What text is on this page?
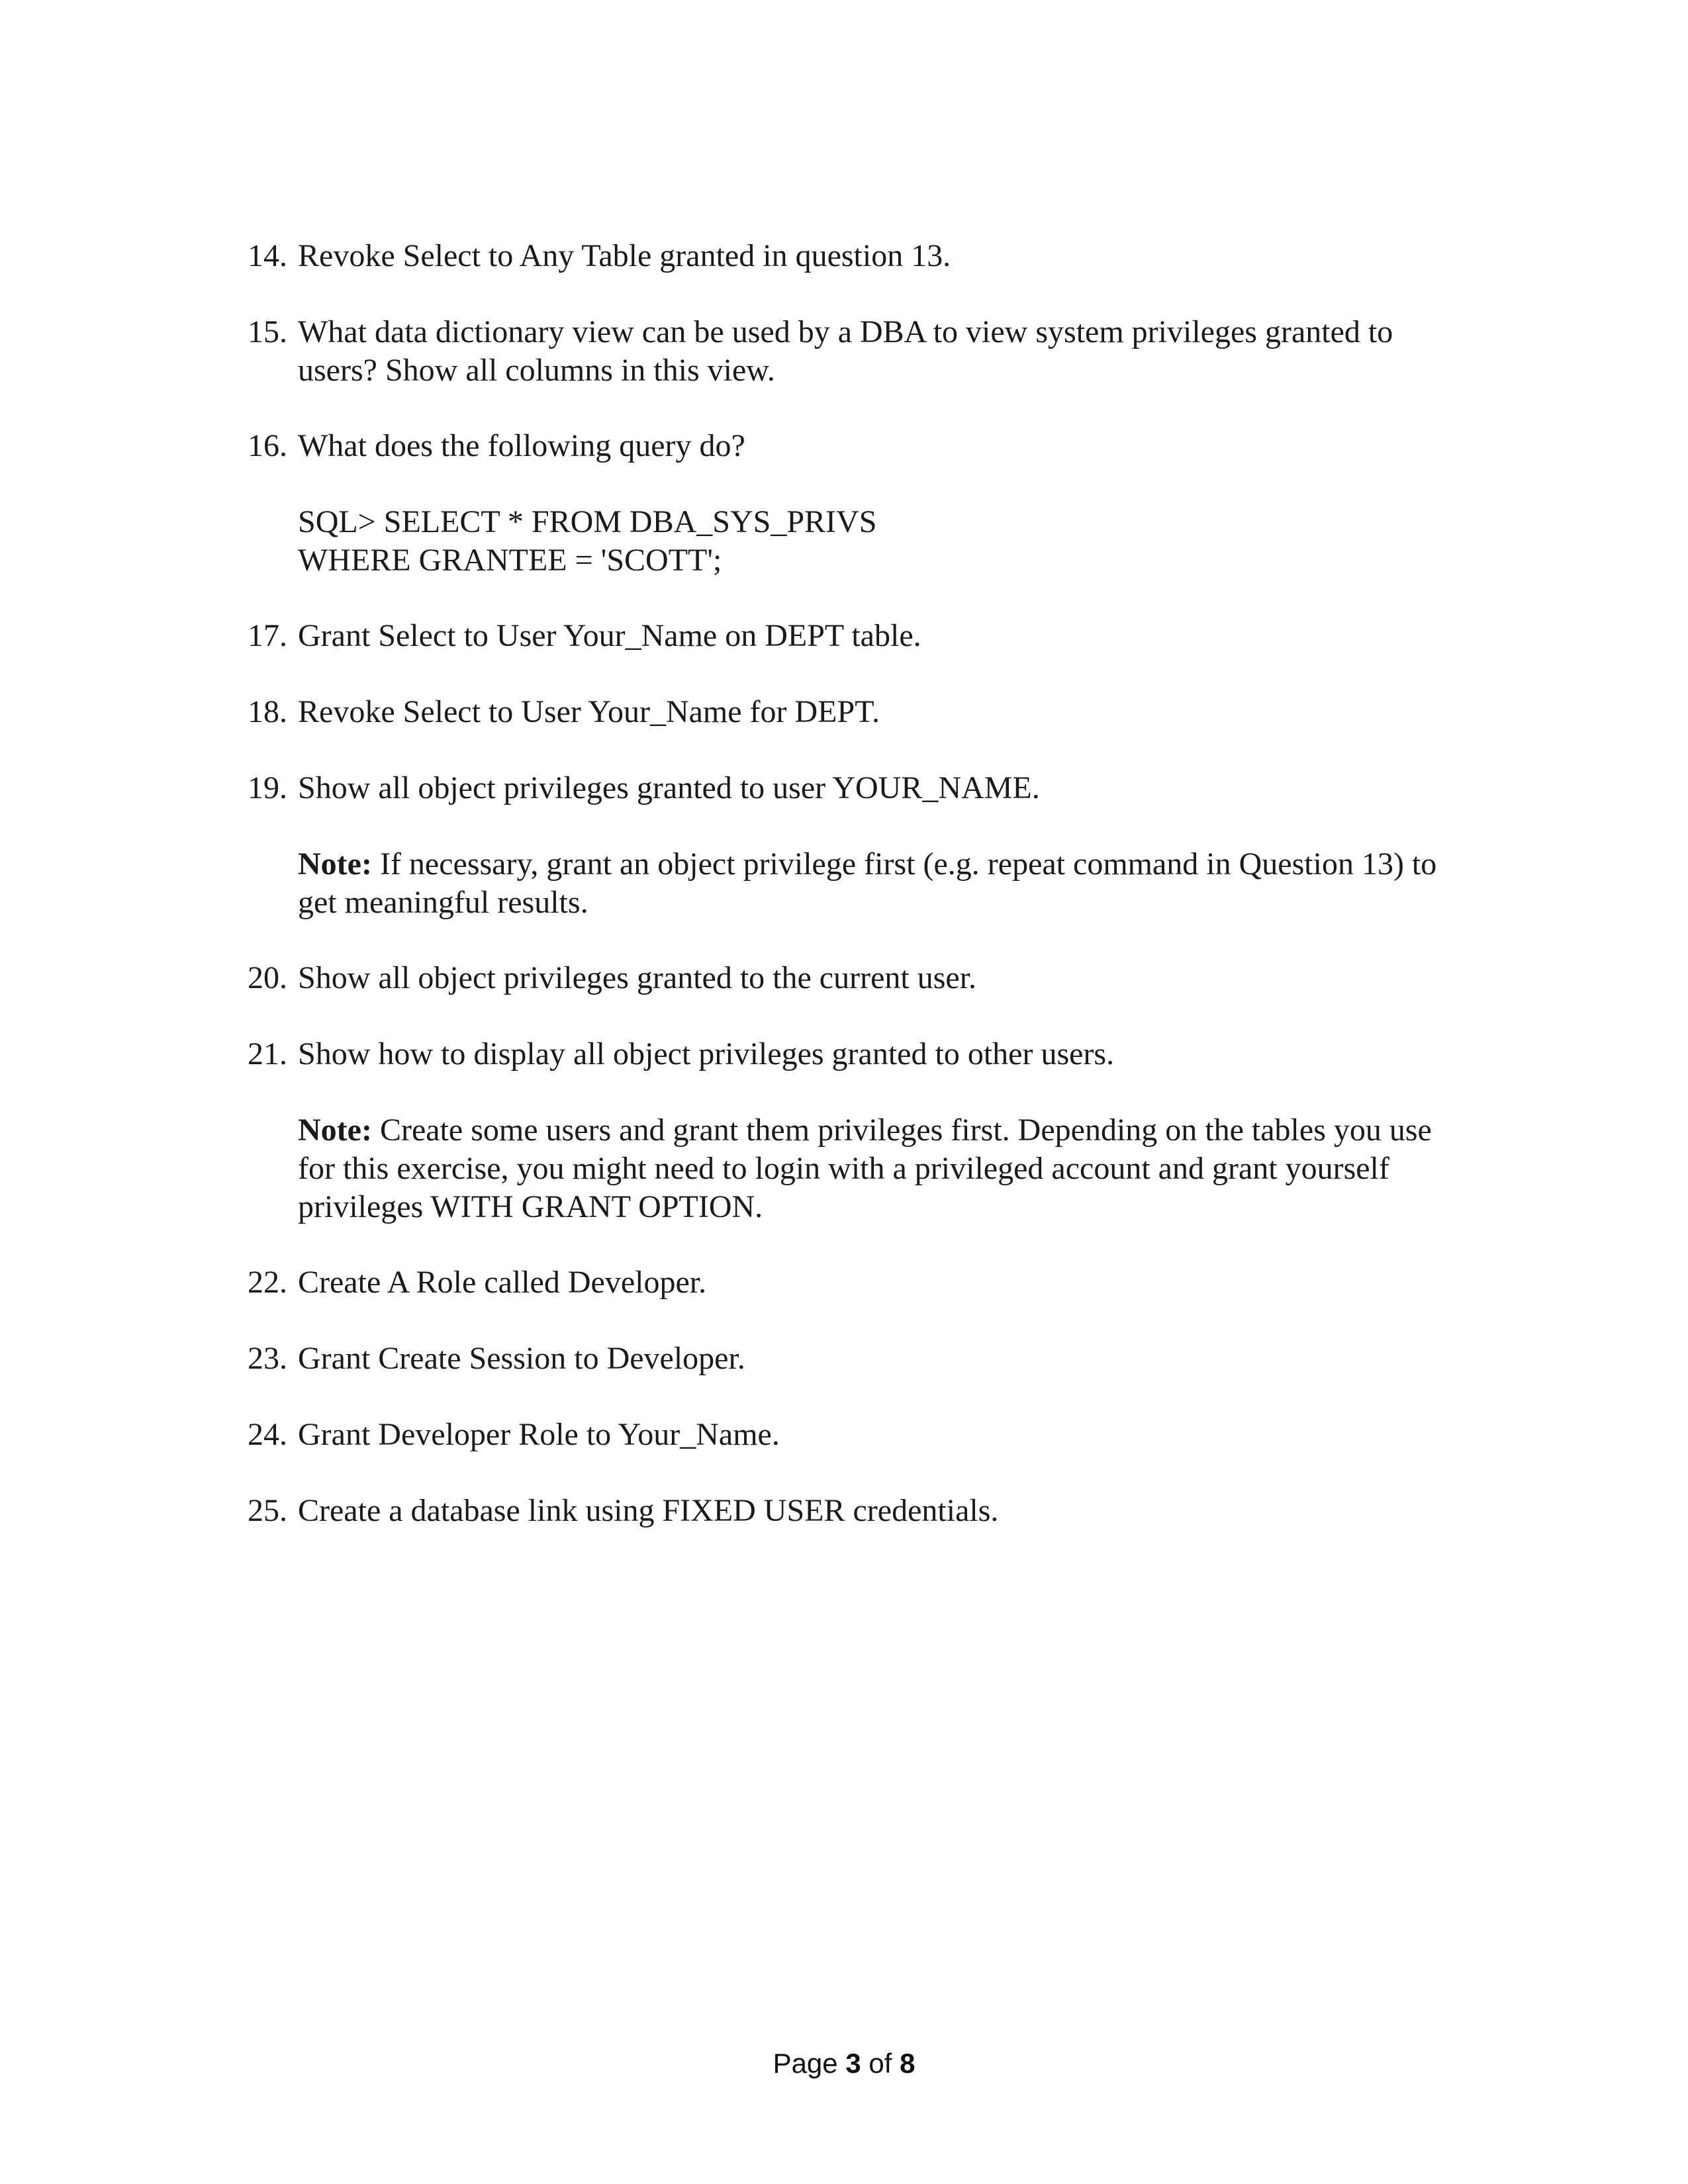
14. Revoke Select to Any Table granted in question 13.
15. What data dictionary view can be used by a DBA to view system privileges granted to
users? Show all columns in this view.
16. What does the following query do?
SQL> SELECT * FROM DBA_SYS_PRIVS
WHERE GRANTEE = 'SCOTT';
17. Grant Select to User Your_Name on DEPT table.
18. Revoke Select to User Your_Name for DEPT.
19. Show all object privileges granted to user YOUR_NAME.
Note: If necessary, grant an object privilege first (e.g. repeat command in Question 13) to
get meaningful results.
20. Show all object privileges granted to the current user.
21. Show how to display all object privileges granted to other users.
Note: Create some users and grant them privileges first. Depending on the tables you use
for this exercise, you might need to login with a privileged account and grant yourself
privileges WITH GRANT OPTION.
22. Create A Role called Developer.
23. Grant Create Session to Developer.
24. Grant Developer Role to Your_Name.
25. Create a database link using FIXED USER credentials.
Page 3 of 8
